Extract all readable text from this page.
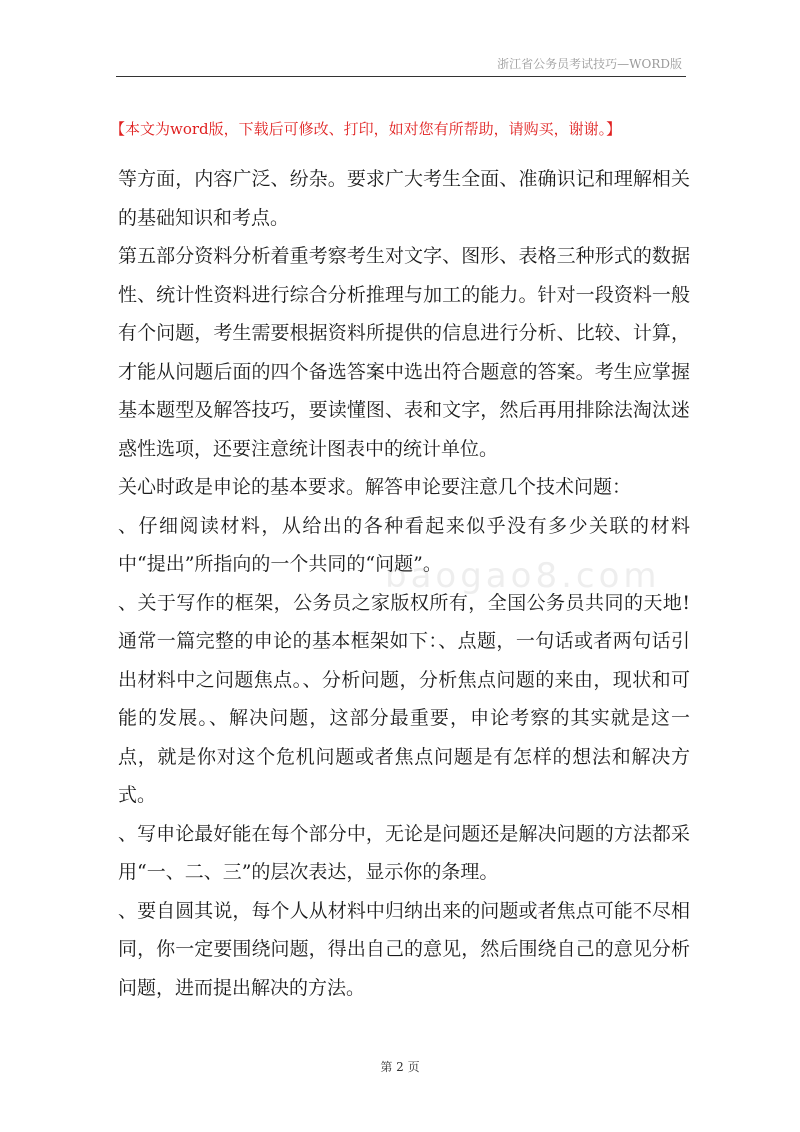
浙江省公务员考试技巧—WORD版
baogao8.com
【本文为word版，下载后可修改、打印，如对您有所帮助，请购买，谢谢。】

等方面，内容广泛、纷杂。要求广大考生全面、准确识记和理解相关的基础知识和考点。

第五部分资料分析着重考察考生对文字、图形、表格三种形式的数据性、统计性资料进行综合分析推理与加工的能力。针对一段资料一般有个问题，考生需要根据资料所提供的信息进行分析、比较、计算，才能从问题后面的四个备选答案中选出符合题意的答案。考生应掌握基本题型及解答技巧，要读懂图、表和文字，然后再用排除法淘汰迷惑性选项，还要注意统计图表中的统计单位。

关心时政是申论的基本要求。解答申论要注意几个技术问题：

、仔细阅读材料，从给出的各种看起来似乎没有多少关联的材料中“提出”所指向的一个共同的“问题”。

、关于写作的框架，公务员之家版权所有，全国公务员共同的天地!通常一篇完整的申论的基本框架如下：、点题，一句话或者两句话引出材料中之问题焦点。、分析问题，分析焦点问题的来由，现状和可能的发展。、解决问题，这部分最重要，申论考察的其实就是这一点，就是你对这个危机问题或者焦点问题是有怎样的想法和解决方式。

、写申论最好能在每个部分中，无论是问题还是解决问题的方法都采用“一、二、三”的层次表达，显示你的条理。

、要自圆其说，每个人从材料中归纳出来的问题或者焦点可能不尽相同，你一定要围绕问题，得出自己的意见，然后围绕自己的意见分析问题，进而提出解决的方法。

第 2 页
